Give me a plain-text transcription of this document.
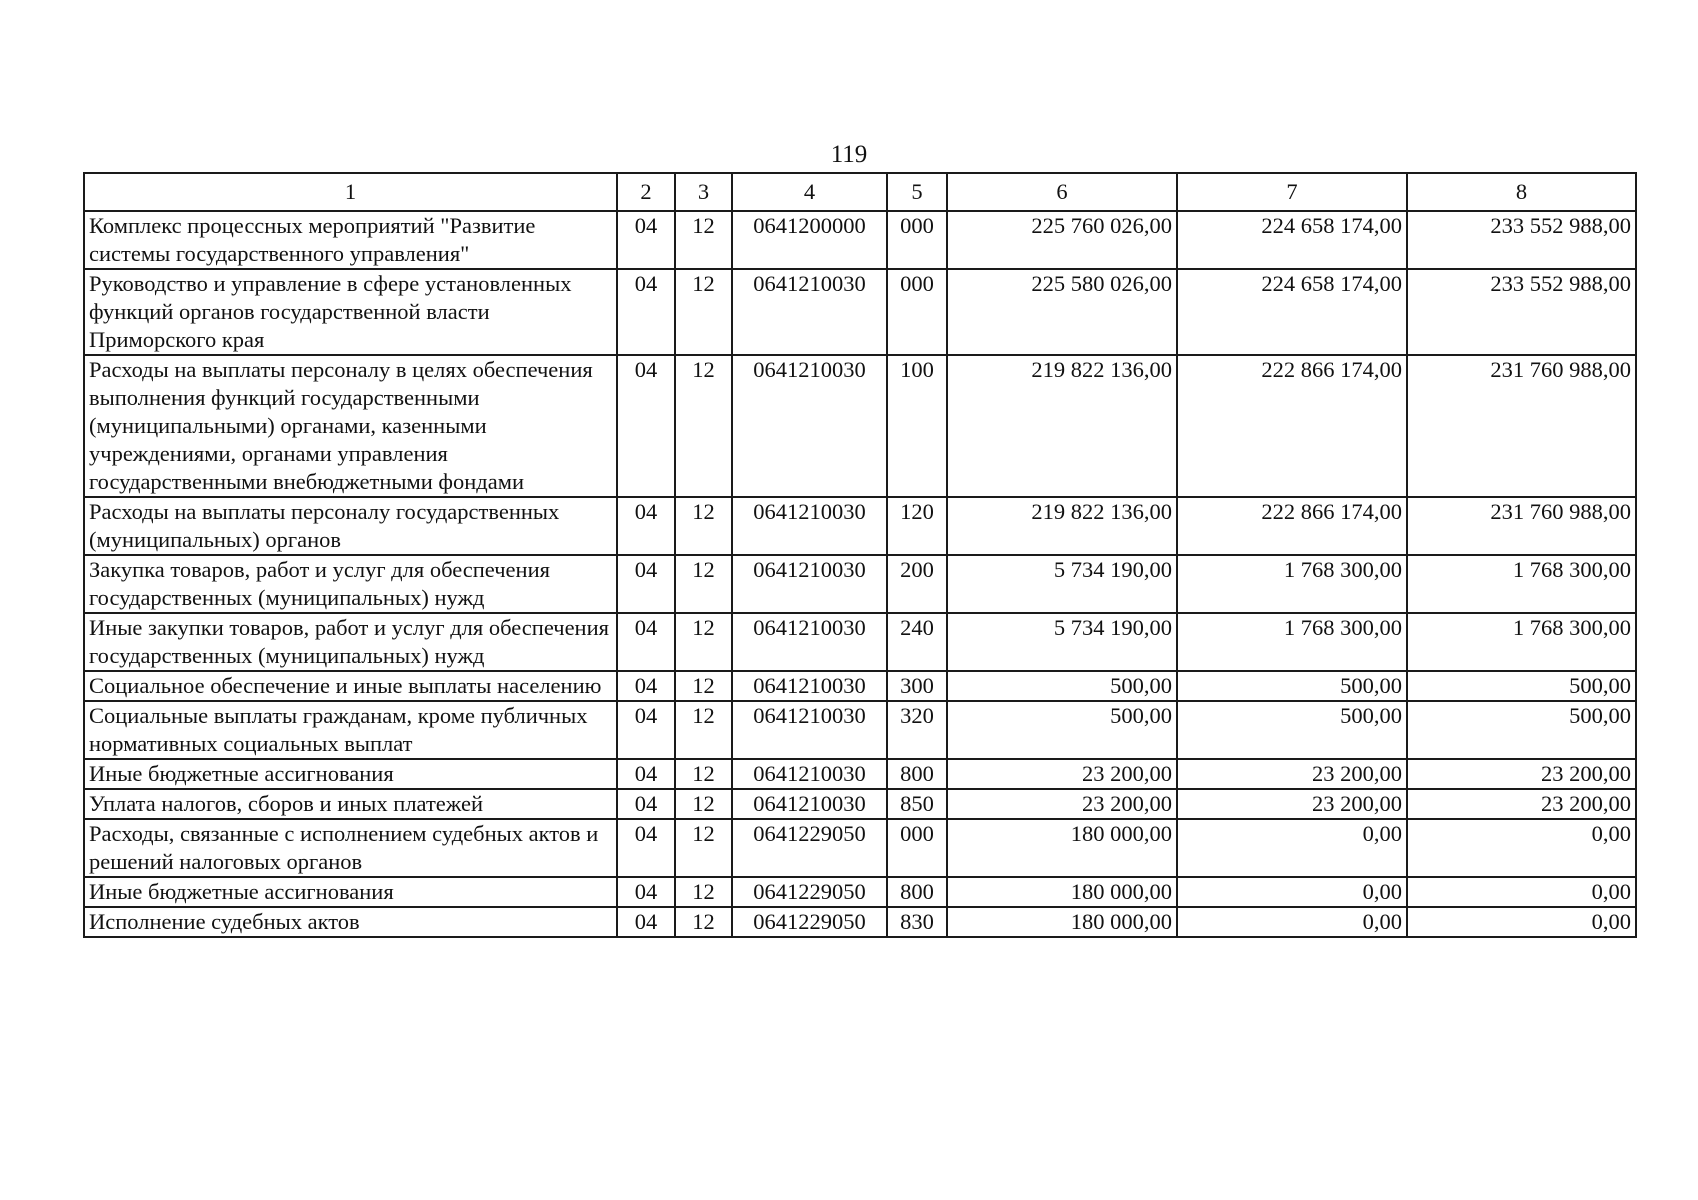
119
1	2	3	4	5	6	7	8
Комплекс процессных мероприятий "Развитие системы государственного управления"	04	12	0641200000	000	225 760 026,00	224 658 174,00	233 552 988,00
Руководство и управление в сфере установленных функций органов государственной власти Приморского края	04	12	0641210030	000	225 580 026,00	224 658 174,00	233 552 988,00
Расходы на выплаты персоналу в целях обеспечения выполнения функций государственными (муниципальными) органами, казенными учреждениями, органами управления государственными внебюджетными фондами	04	12	0641210030	100	219 822 136,00	222 866 174,00	231 760 988,00
Расходы на выплаты персоналу государственных (муниципальных) органов	04	12	0641210030	120	219 822 136,00	222 866 174,00	231 760 988,00
Закупка товаров, работ и услуг для обеспечения государственных (муниципальных) нужд	04	12	0641210030	200	5 734 190,00	1 768 300,00	1 768 300,00
Иные закупки товаров, работ и услуг для обеспечения государственных (муниципальных) нужд	04	12	0641210030	240	5 734 190,00	1 768 300,00	1 768 300,00
Социальное обеспечение и иные выплаты населению	04	12	0641210030	300	500,00	500,00	500,00
Социальные выплаты гражданам, кроме публичных нормативных социальных выплат	04	12	0641210030	320	500,00	500,00	500,00
Иные бюджетные ассигнования	04	12	0641210030	800	23 200,00	23 200,00	23 200,00
Уплата налогов, сборов и иных платежей	04	12	0641210030	850	23 200,00	23 200,00	23 200,00
Расходы, связанные с исполнением судебных актов и решений налоговых органов	04	12	0641229050	000	180 000,00	0,00	0,00
Иные бюджетные ассигнования	04	12	0641229050	800	180 000,00	0,00	0,00
Исполнение судебных актов	04	12	0641229050	830	180 000,00	0,00	0,00
